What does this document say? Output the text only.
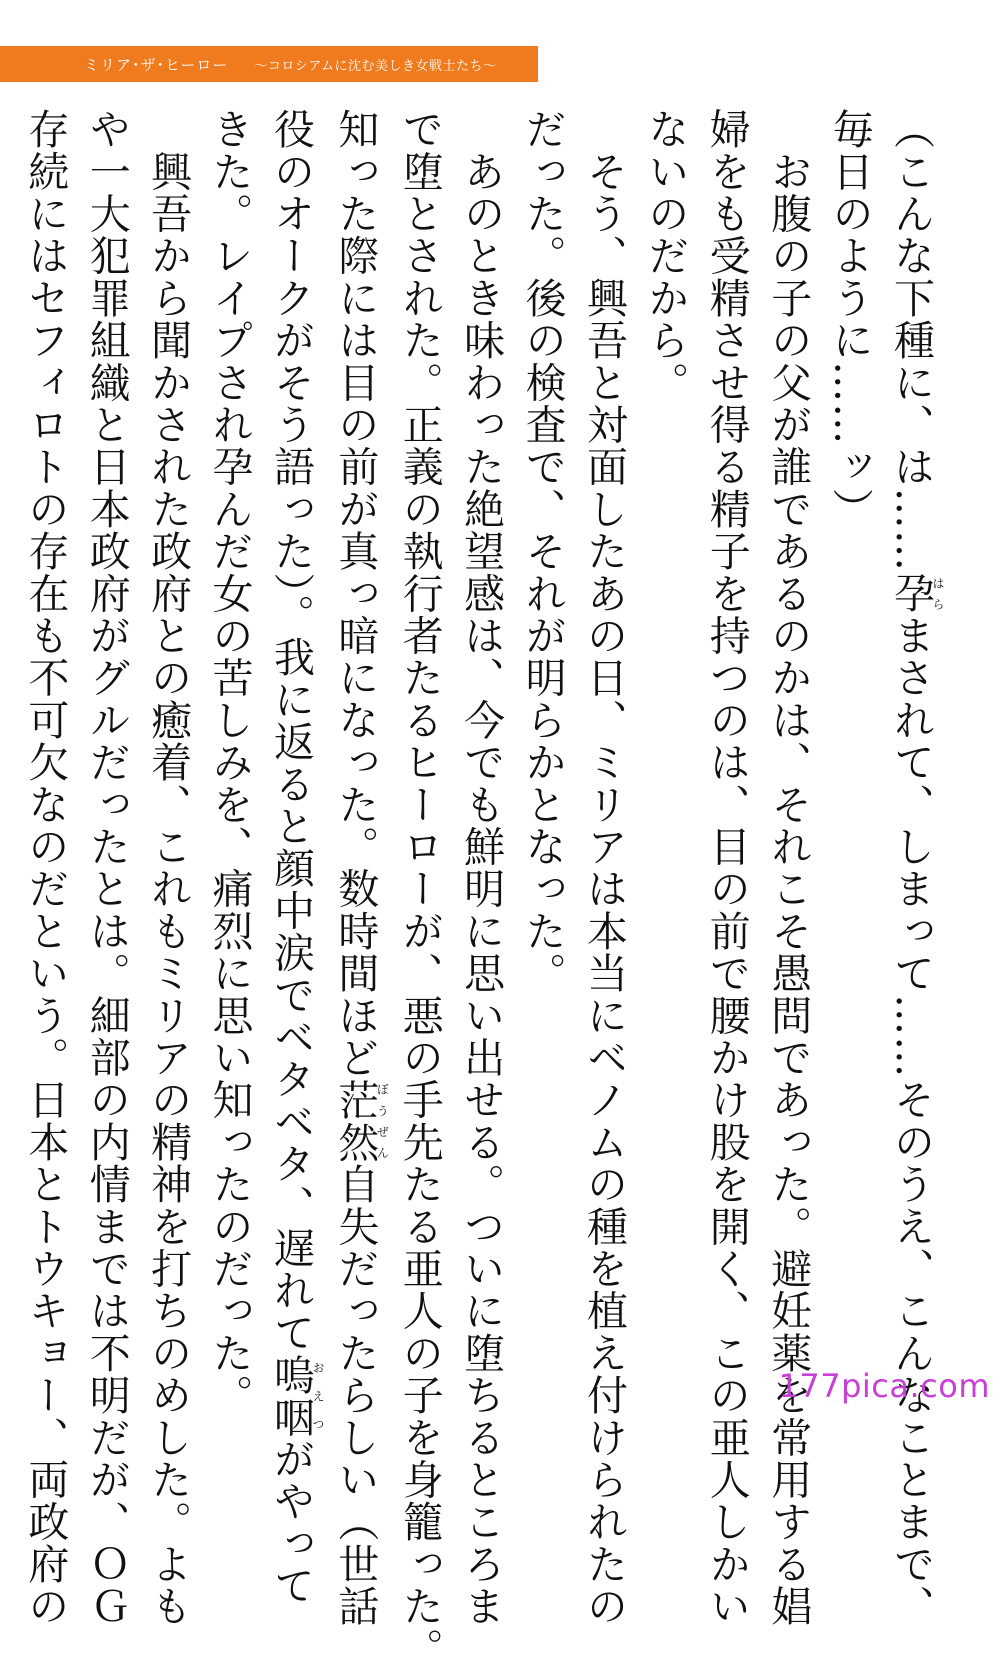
ミリア･ザ･ヒーロー 〜コロシアムに沈む美しき女戦士たち〜

（こんな下種に、は……孕はらまされて、しまって……そのうえ、こんなことまで、

毎日のように……ッ）

　お腹の子の父が誰であるのかは、それこそ愚問であった。避妊薬を常用する娼

婦をも受精させ得る精子を持つのは、目の前で腰かけ股を開く、この亜人しかい

ないのだから。

　そう、興吾と対面したあの日、ミリアは本当にベノムの種を植え付けられたの

だった。後の検査で、それが明らかとなった。

　あのとき味わった絶望感は、今でも鮮明に思い出せる。ついに堕ちるところま

で堕とされた。正義の執行者たるヒーローが、悪の手先たる亜人の子を身籠った。

知った際には目の前が真っ暗になった。数時間ほど茫然ぼうぜん自失だったらしい（世話

役のオークがそう語った）。我に返ると顔中涙でベタベタ、遅れて嗚咽おえつがやって

きた。レイプされ孕んだ女の苦しみを、痛烈に思い知ったのだった。

　興吾から聞かされた政府との癒着、これもミリアの精神を打ちのめした。よも

や一大犯罪組織と日本政府がグルだったとは。細部の内情までは不明だが、ＯＧ

存続にはセフィロトの存在も不可欠なのだという。日本とトウキョー、両政府の	177pica.com
